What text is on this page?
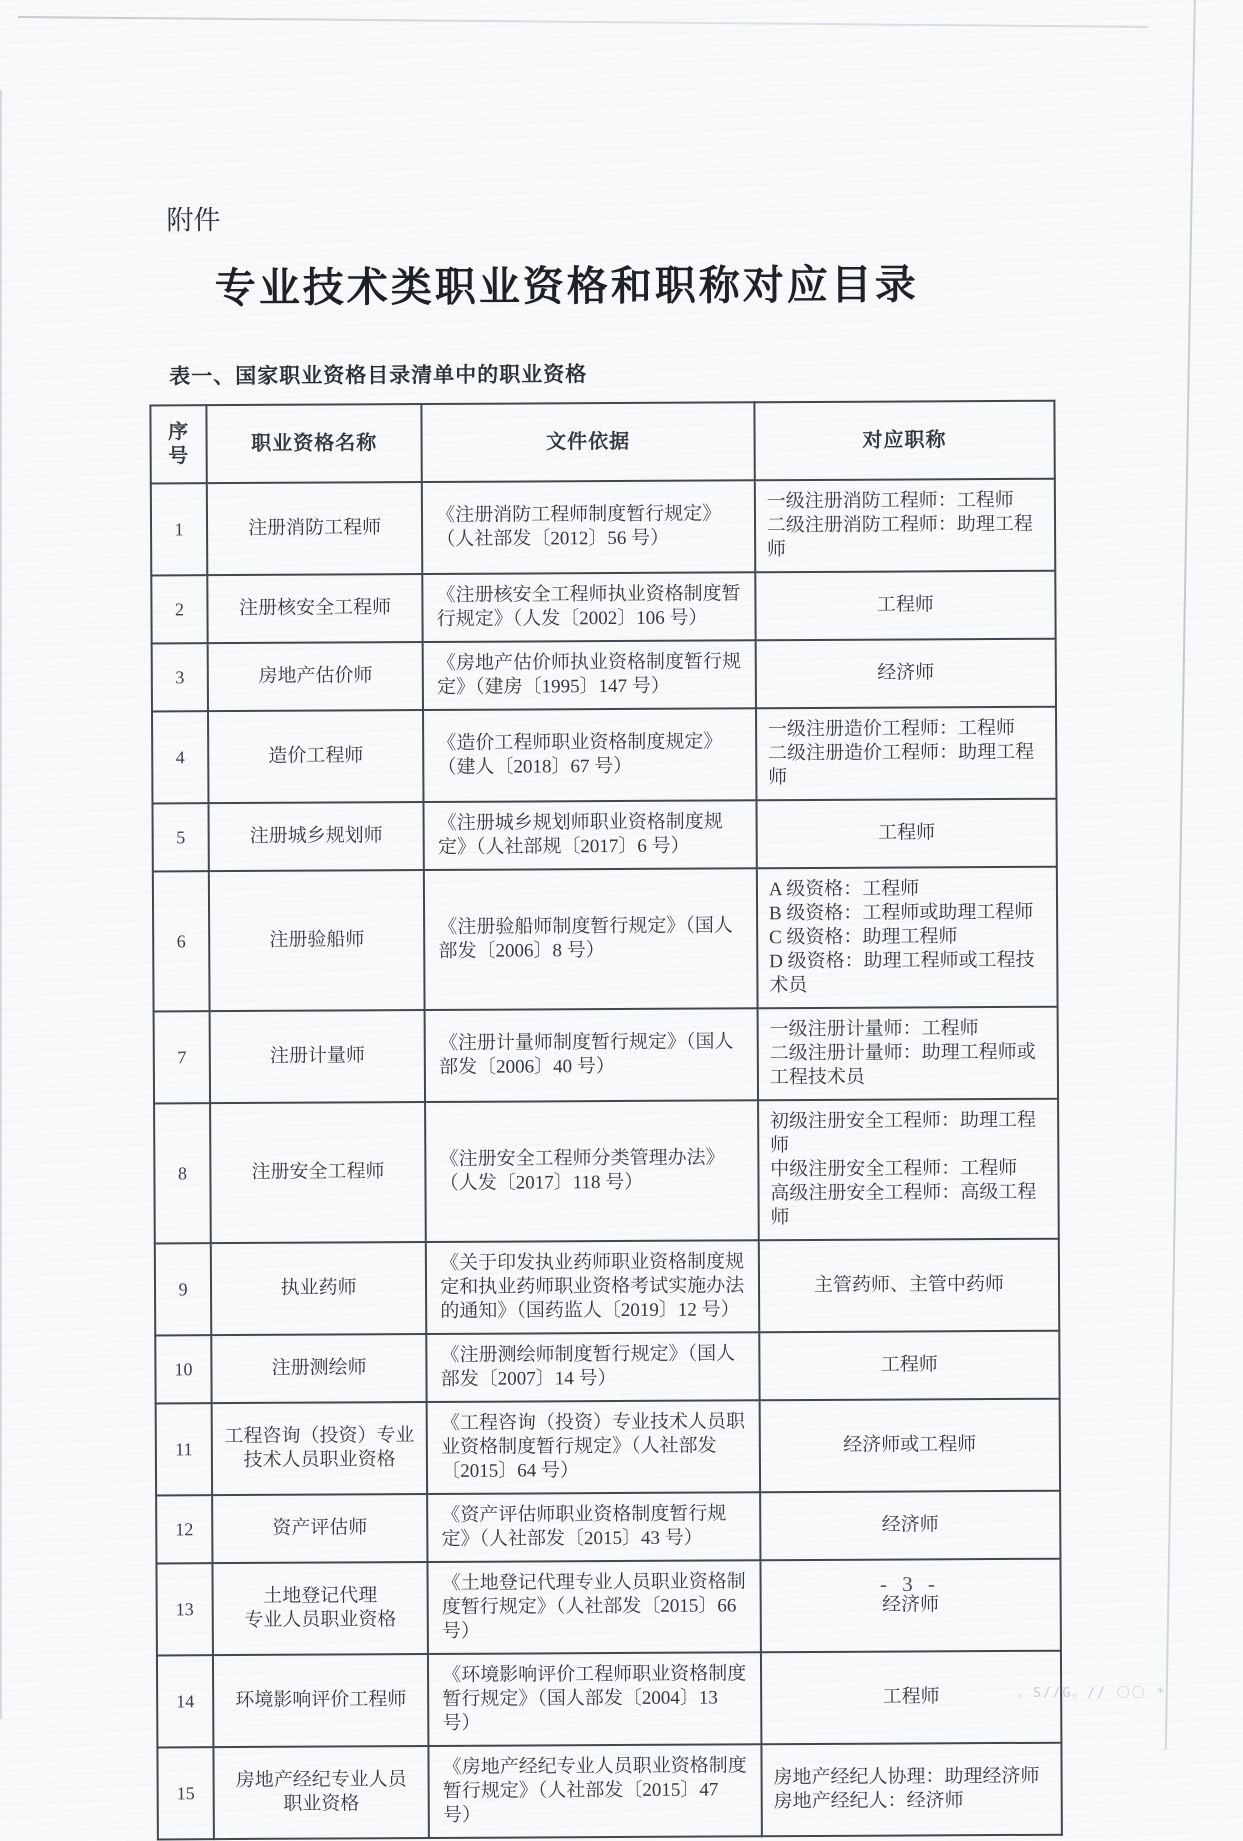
附件
专业技术类职业资格和职称对应目录
表一、国家职业资格目录清单中的职业资格
序号	职业资格名称	文件依据	对应职称
1	注册消防工程师	《注册消防工程师制度暂行规定》（人社部发〔2012〕56 号）	一级注册消防工程师：工程师
二级注册消防工程师：助理工程师
2	注册核安全工程师	《注册核安全工程师执业资格制度暂行规定》（人发〔2002〕106 号）	工程师
3	房地产估价师	《房地产估价师执业资格制度暂行规定》（建房〔1995〕147 号）	经济师
4	造价工程师	《造价工程师职业资格制度规定》（建人〔2018〕67 号）	一级注册造价工程师：工程师
二级注册造价工程师：助理工程师
5	注册城乡规划师	《注册城乡规划师职业资格制度规定》（人社部规〔2017〕6 号）	工程师
6	注册验船师	《注册验船师制度暂行规定》（国人部发〔2006〕8 号）	A 级资格：工程师
B 级资格：工程师或助理工程师
C 级资格：助理工程师
D 级资格：助理工程师或工程技术员
7	注册计量师	《注册计量师制度暂行规定》（国人部发〔2006〕40 号）	一级注册计量师：工程师
二级注册计量师：助理工程师或工程技术员
8	注册安全工程师	《注册安全工程师分类管理办法》（人发〔2017〕118 号）	初级注册安全工程师：助理工程师
中级注册安全工程师：工程师
高级注册安全工程师：高级工程师
9	执业药师	《关于印发执业药师职业资格制度规定和执业药师职业资格考试实施办法的通知》（国药监人〔2019〕12 号）	主管药师、主管中药师
10	注册测绘师	《注册测绘师制度暂行规定》（国人部发〔2007〕14 号）	工程师
11	工程咨询（投资）专业
技术人员职业资格	《工程咨询（投资）专业技术人员职业资格制度暂行规定》（人社部发〔2015〕64 号）	经济师或工程师
12	资产评估师	《资产评估师职业资格制度暂行规定》（人社部发〔2015〕43 号）	经济师
13	土地登记代理
专业人员职业资格	《土地登记代理专业人员职业资格制度暂行规定》（人社部发〔2015〕66 号）	经济师
14	环境影响评价工程师	《环境影响评价工程师职业资格制度暂行规定》（国人部发〔2004〕13 号）	工程师
15	房地产经纪专业人员
职业资格	《房地产经纪专业人员职业资格制度暂行规定》（人社部发〔2015〕47 号）	房地产经纪人协理：助理经济师
房地产经纪人：经济师
- 3 -
。S//G。// 〇〇 *
